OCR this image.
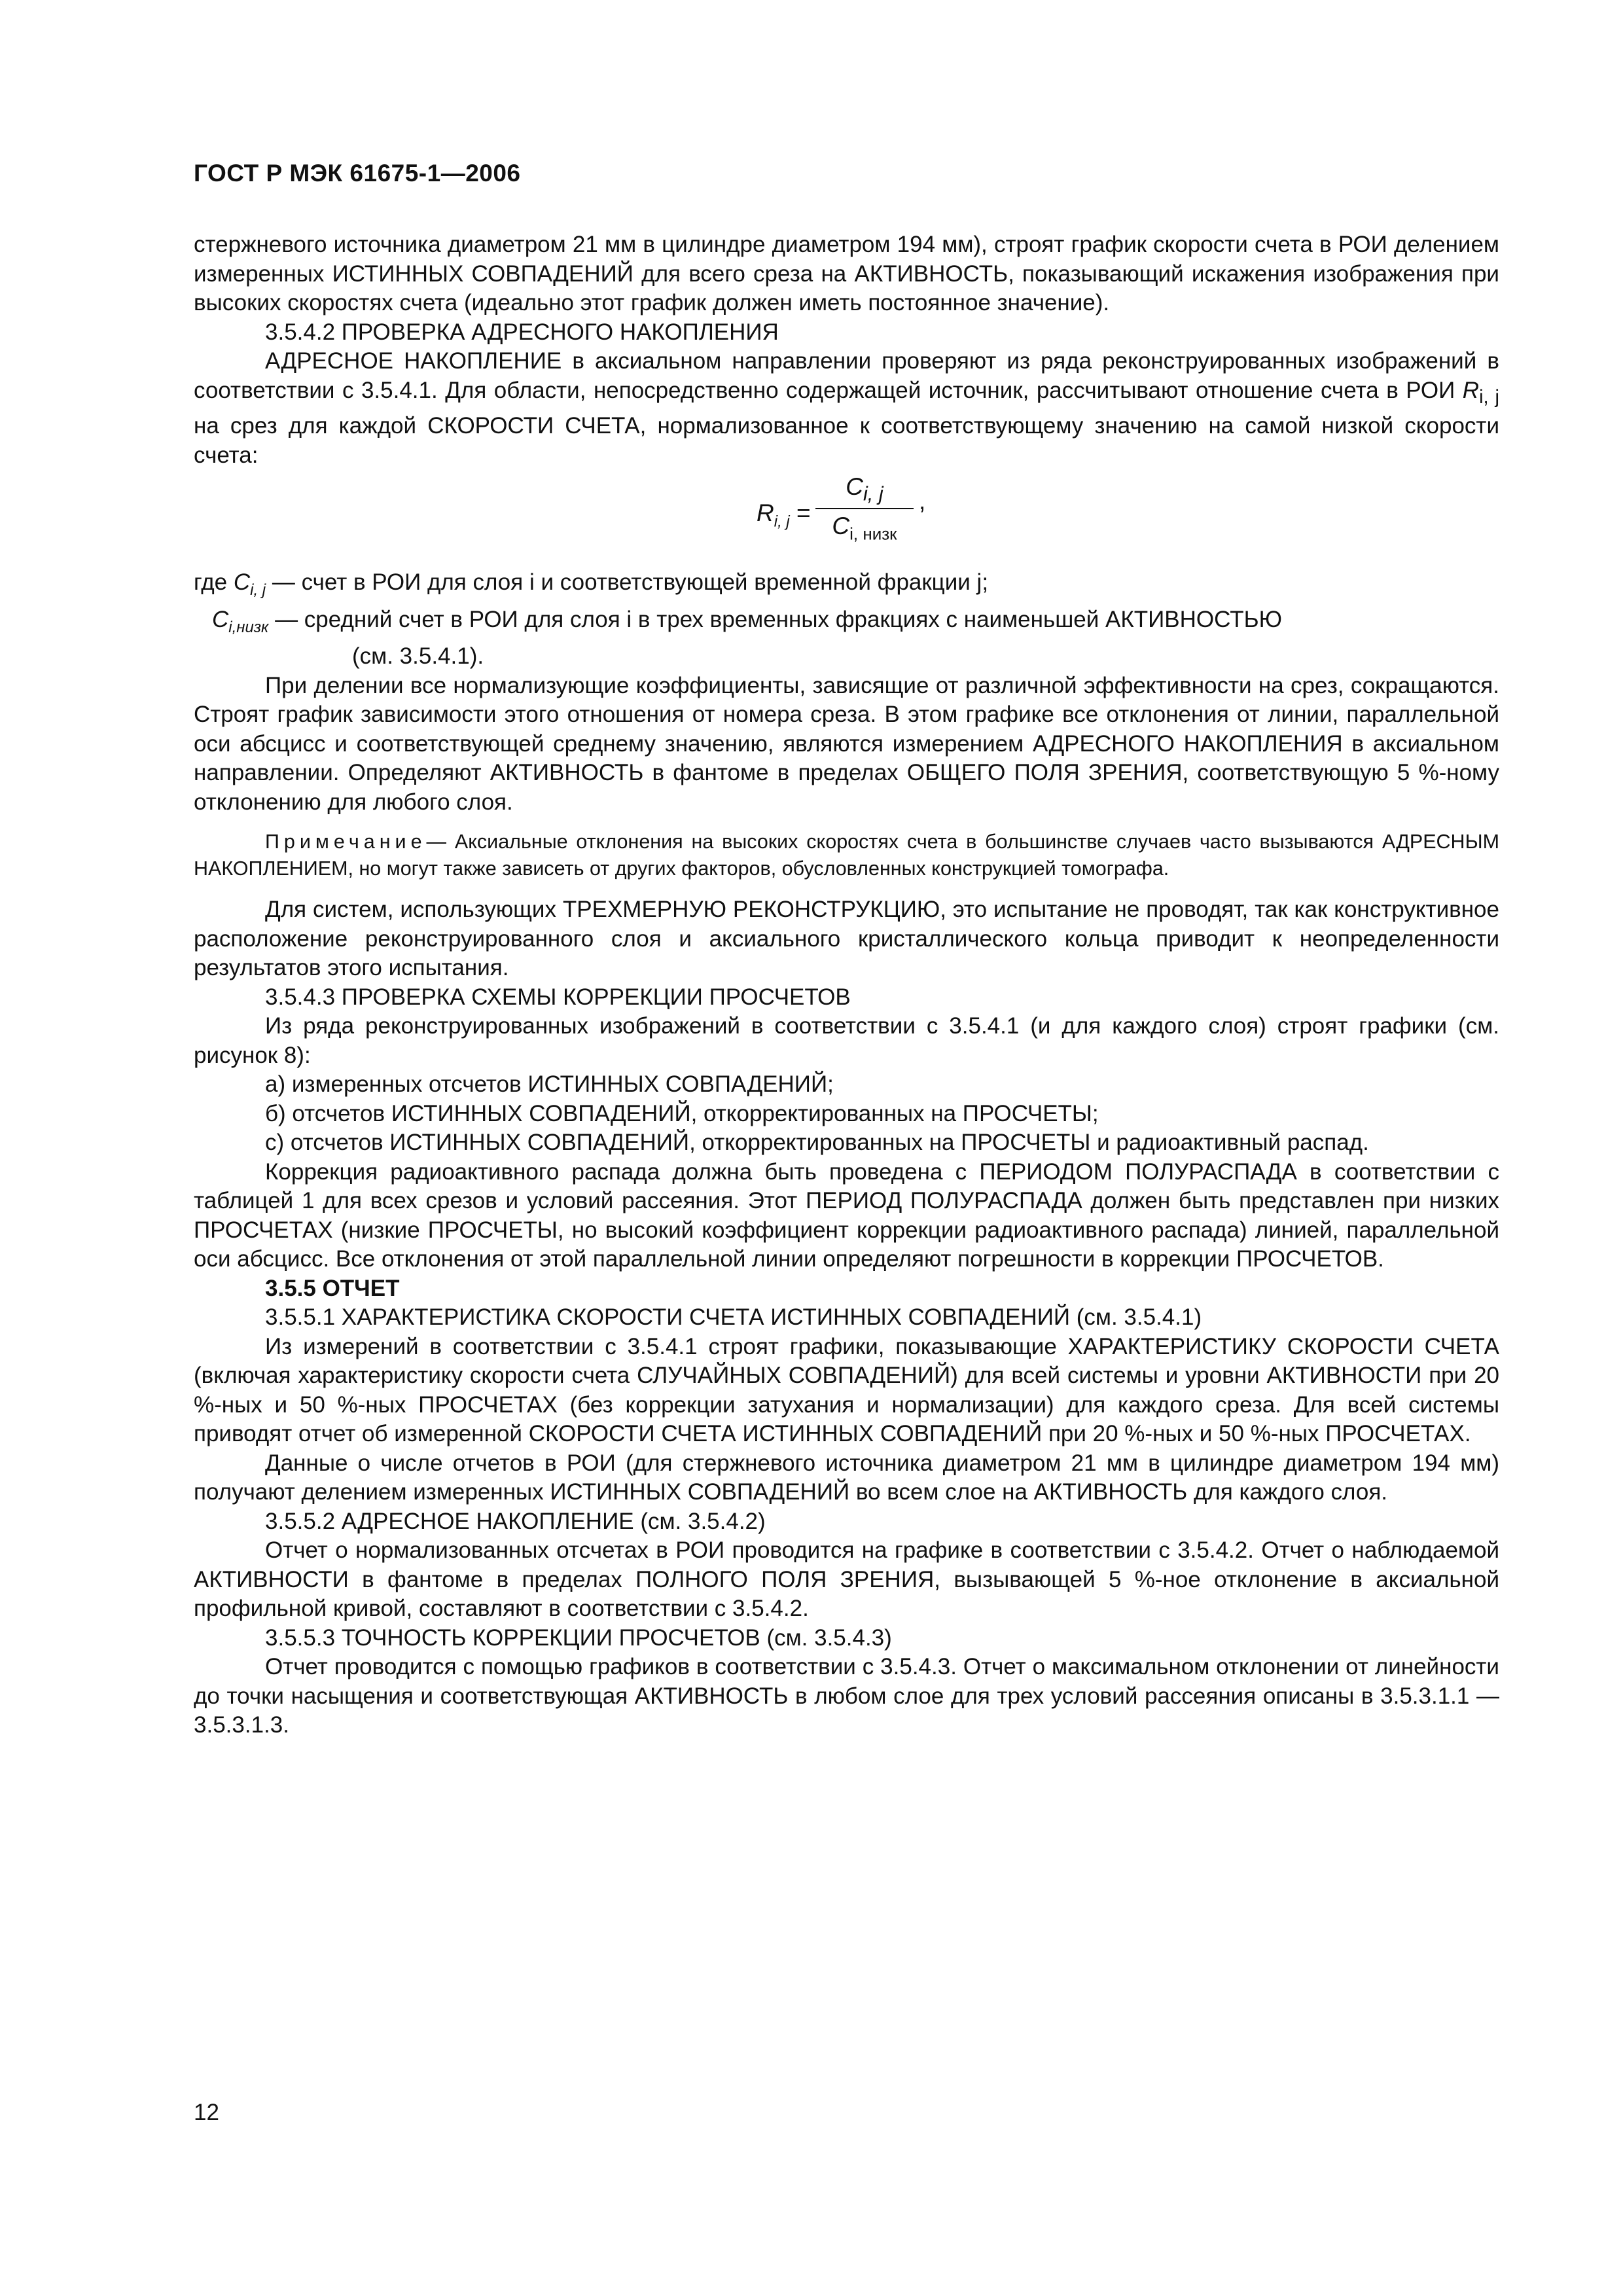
ГОСТ Р МЭК 61675-1—2006

стержневого источника диаметром 21 мм в цилиндре диаметром 194 мм), строят график скорости счета в РОИ делением измеренных ИСТИННЫХ СОВПАДЕНИЙ для всего среза на АКТИВНОСТЬ, показывающий искажения изображения при высоких скоростях счета (идеально этот график должен иметь постоянное значение).

3.5.4.2 ПРОВЕРКА АДРЕСНОГО НАКОПЛЕНИЯ

АДРЕСНОЕ НАКОПЛЕНИЕ в аксиальном направлении проверяют из ряда реконструированных изображений в соответствии с 3.5.4.1. Для области, непосредственно содержащей источник, рассчитывают отношение счета в РОИ $R_{i, j}$ на срез для каждой СКОРОСТИ СЧЕТА, нормализованное к соответствующему значению на самой низкой скорости счета:

$R_{i, j}$ =
$C_{i, j}$
$C_{i, низк}$
,
где
$C_{i, j}$
— счет в РОИ для слоя i и соответствующей временной фракции j;
$C_{i,низк}$
— средний счет в РОИ для слоя i в трех временных фракциях с наименьшей АКТИВНОСТЬЮ
(см. 3.5.4.1).

При делении все нормализующие коэффициенты, зависящие от различной эффективности на срез, сокращаются. Строят график зависимости этого отношения от номера среза. В этом графике все отклонения от линии, параллельной оси абсцисс и соответствующей среднему значению, являются измерением АДРЕСНОГО НАКОПЛЕНИЯ в аксиальном направлении. Определяют АКТИВНОСТЬ в фантоме в пределах ОБЩЕГО ПОЛЯ ЗРЕНИЯ, соответствующую 5 %-ному отклонению для любого слоя.

Примечание— Аксиальные отклонения на высоких скоростях счета в большинстве случаев часто вызываются АДРЕСНЫМ НАКОПЛЕНИЕМ, но могут также зависеть от других факторов, обусловленных конструкцией томографа.

Для систем, использующих ТРЕХМЕРНУЮ РЕКОНСТРУКЦИЮ, это испытание не проводят, так как конструктивное расположение реконструированного слоя и аксиального кристаллического кольца приводит к неопределенности результатов этого испытания.

3.5.4.3 ПРОВЕРКА СХЕМЫ КОРРЕКЦИИ ПРОСЧЕТОВ

Из ряда реконструированных изображений в соответствии с 3.5.4.1 (и для каждого слоя) строят графики (см. рисунок 8):

а) измеренных отсчетов ИСТИННЫХ СОВПАДЕНИЙ;

б) отсчетов ИСТИННЫХ СОВПАДЕНИЙ, откорректированных на ПРОСЧЕТЫ;

с) отсчетов ИСТИННЫХ СОВПАДЕНИЙ, откорректированных на ПРОСЧЕТЫ и радиоактивный распад.

Коррекция радиоактивного распада должна быть проведена с ПЕРИОДОМ ПОЛУРАСПАДА в соответствии с таблицей 1 для всех срезов и условий рассеяния. Этот ПЕРИОД ПОЛУРАСПАДА должен быть представлен при низких ПРОСЧЕТАХ (низкие ПРОСЧЕТЫ, но высокий коэффициент коррекции радиоактивного распада) линией, параллельной оси абсцисс. Все отклонения от этой параллельной линии определяют погрешности в коррекции ПРОСЧЕТОВ.

3.5.5 ОТЧЕТ

3.5.5.1 ХАРАКТЕРИСТИКА СКОРОСТИ СЧЕТА ИСТИННЫХ СОВПАДЕНИЙ (см. 3.5.4.1)

Из измерений в соответствии с 3.5.4.1 строят графики, показывающие ХАРАКТЕРИСТИКУ СКОРОСТИ СЧЕТА (включая характеристику скорости счета СЛУЧАЙНЫХ СОВПАДЕНИЙ) для всей системы и уровни АКТИВНОСТИ при 20 %-ных и 50 %-ных ПРОСЧЕТАХ (без коррекции затухания и нормализации) для каждого среза. Для всей системы приводят отчет об измеренной СКОРОСТИ СЧЕТА ИСТИННЫХ СОВПАДЕНИЙ при 20 %-ных и 50 %-ных ПРОСЧЕТАХ.

Данные о числе отчетов в РОИ (для стержневого источника диаметром 21 мм в цилиндре диаметром 194 мм) получают делением измеренных ИСТИННЫХ СОВПАДЕНИЙ во всем слое на АКТИВНОСТЬ для каждого слоя.

3.5.5.2 АДРЕСНОЕ НАКОПЛЕНИЕ (см. 3.5.4.2)

Отчет о нормализованных отсчетах в РОИ проводится на графике в соответствии с 3.5.4.2. Отчет о наблюдаемой АКТИВНОСТИ в фантоме в пределах ПОЛНОГО ПОЛЯ ЗРЕНИЯ, вызывающей 5 %-ное отклонение в аксиальной профильной кривой, составляют в соответствии с 3.5.4.2.

3.5.5.3 ТОЧНОСТЬ КОРРЕКЦИИ ПРОСЧЕТОВ (см. 3.5.4.3)

Отчет проводится с помощью графиков в соответствии с 3.5.4.3. Отчет о максимальном отклонении от линейности до точки насыщения и соответствующая АКТИВНОСТЬ в любом слое для трех условий рассеяния описаны в 3.5.3.1.1 — 3.5.3.1.3.

12
